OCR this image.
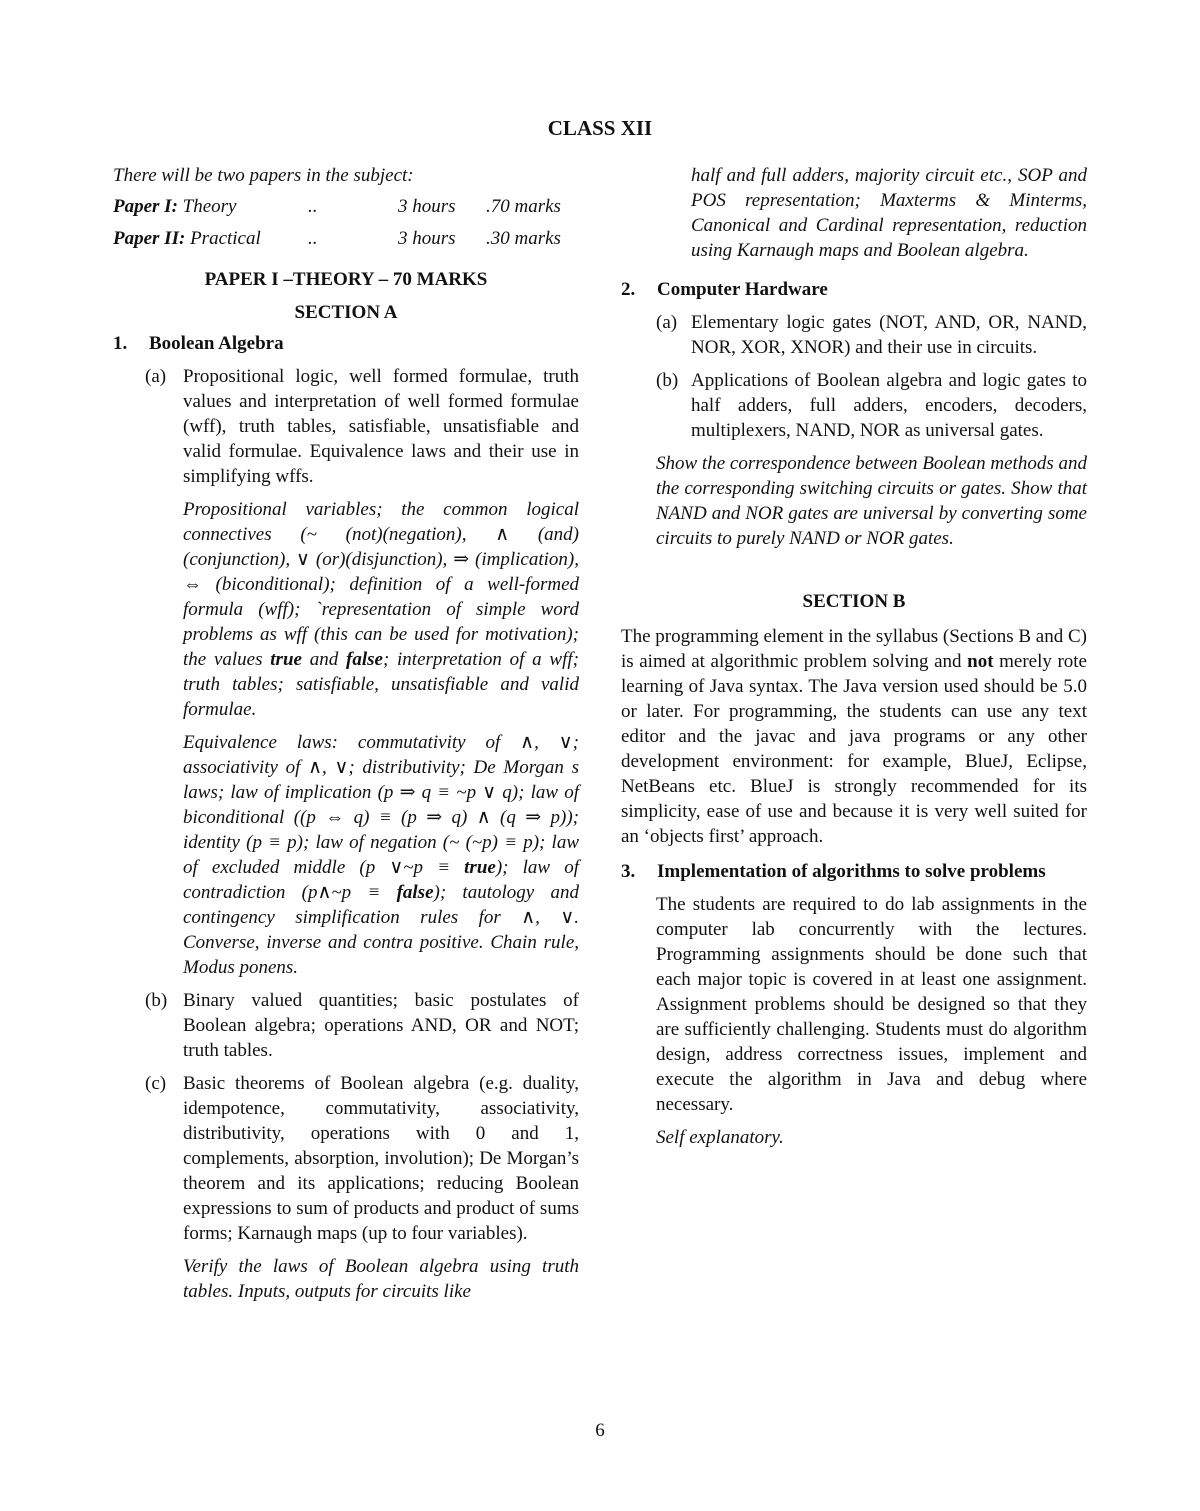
CLASS XII

There will be two papers in the subject:

Paper I: Theory	..	3 hours	.70 marks
Paper II: Practical	..	3 hours	.30 marks

PAPER I –THEORY – 70 MARKS

SECTION A

1.	Boolean Algebra
(a) Propositional logic, well formed formulae, truth values and interpretation of well formed formulae (wff), truth tables, satisfiable, unsatisfiable and valid formulae. Equivalence laws and their use in simplifying wffs.

Propositional variables; the common logical connectives (~ (not)(negation), ∧ (and)(conjunction), ∨ (or)(disjunction), ⇒ (implication), ⇔ (biconditional); definition of a well-formed formula (wff); `representation of simple word problems as wff (this can be used for motivation); the values true and false; interpretation of a wff; truth tables; satisfiable, unsatisfiable and valid formulae.

Equivalence laws: commutativity of ∧, ∨; associativity of ∧, ∨; distributivity; De Morgan s laws; law of implication (p ⇒ q ≡ ~p ∨ q); law of biconditional ((p ⇔ q) ≡ (p ⇒ q) ∧ (q ⇒ p)); identity (p ≡ p); law of negation (~ (~p) ≡ p); law of excluded middle (p ∨~p ≡ true); law of contradiction (p∧~p ≡ false); tautology and contingency simplification rules for ∧, ∨. Converse, inverse and contra positive. Chain rule, Modus ponens.

(b) Binary valued quantities; basic postulates of Boolean algebra; operations AND, OR and NOT; truth tables.
(c) Basic theorems of Boolean algebra (e.g. duality, idempotence, commutativity, associativity, distributivity, operations with 0 and 1, complements, absorption, involution); De Morgan’s theorem and its applications; reducing Boolean expressions to sum of products and product of sums forms; Karnaugh maps (up to four variables).

Verify the laws of Boolean algebra using truth tables. Inputs, outputs for circuits like

half and full adders, majority circuit etc., SOP and POS representation; Maxterms & Minterms, Canonical and Cardinal representation, reduction using Karnaugh maps and Boolean algebra.

2.	Computer Hardware
(a) Elementary logic gates (NOT, AND, OR, NAND, NOR, XOR, XNOR) and their use in circuits.
(b) Applications of Boolean algebra and logic gates to half adders, full adders, encoders, decoders, multiplexers, NAND, NOR as universal gates.

Show the correspondence between Boolean methods and the corresponding switching circuits or gates. Show that NAND and NOR gates are universal by converting some circuits to purely NAND or NOR gates.

SECTION B

The programming element in the syllabus (Sections B and C) is aimed at algorithmic problem solving and not merely rote learning of Java syntax. The Java version used should be 5.0 or later. For programming, the students can use any text editor and the javac and java programs or any other development environment: for example, BlueJ, Eclipse, NetBeans etc. BlueJ is strongly recommended for its simplicity, ease of use and because it is very well suited for an ‘objects first’ approach.

3.	Implementation of algorithms to solve problems

The students are required to do lab assignments in the computer lab concurrently with the lectures. Programming assignments should be done such that each major topic is covered in at least one assignment. Assignment problems should be designed so that they are sufficiently challenging. Students must do algorithm design, address correctness issues, implement and execute the algorithm in Java and debug where necessary.

Self explanatory.

6
